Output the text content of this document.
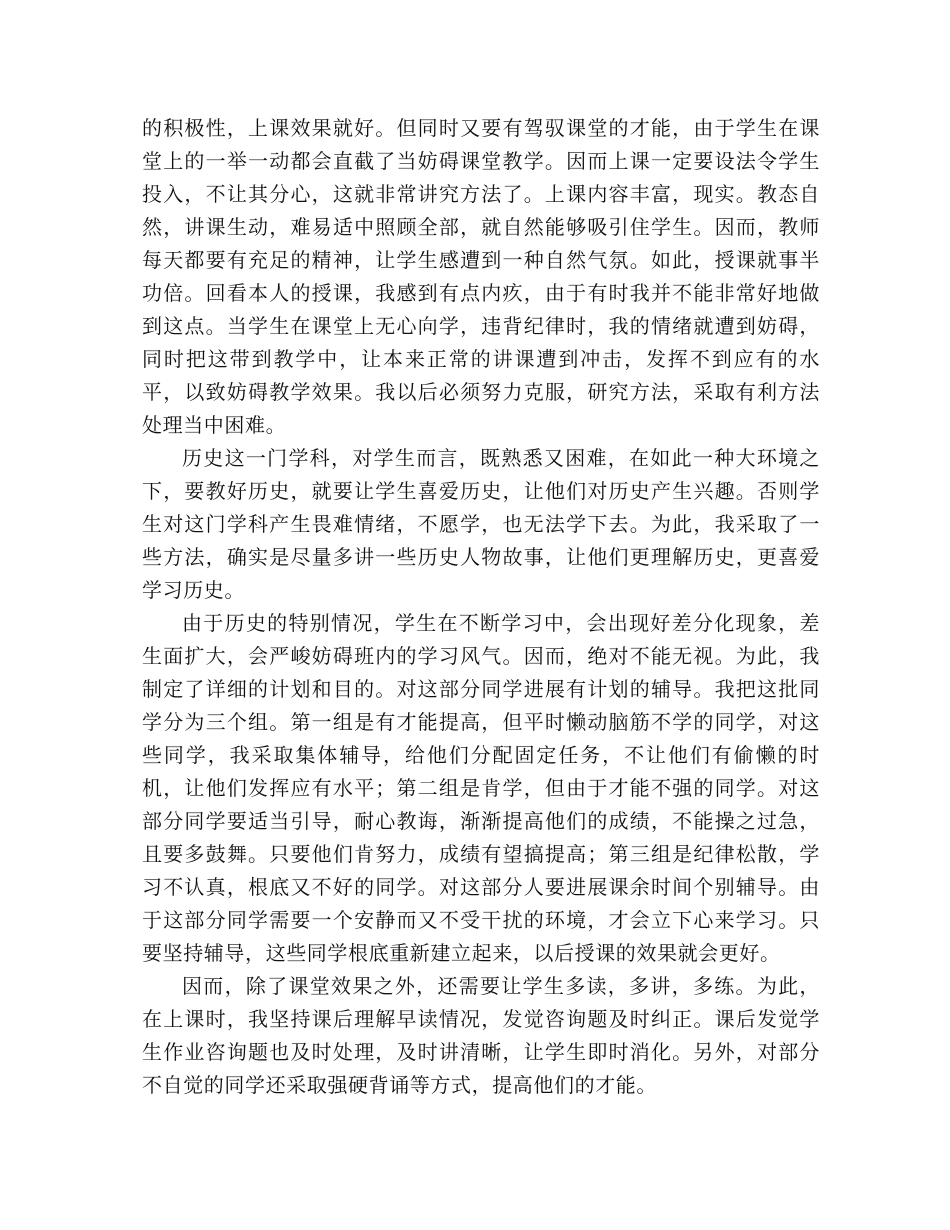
的积极性，上课效果就好。但同时又要有驾驭课堂的才能，由于学生在课堂上的一举一动都会直截了当妨碍课堂教学。因而上课一定要设法令学生投入，不让其分心，这就非常讲究方法了。上课内容丰富，现实。教态自然，讲课生动，难易适中照顾全部，就自然能够吸引住学生。因而，教师每天都要有充足的精神，让学生感遭到一种自然气氛。如此，授课就事半功倍。回看本人的授课，我感到有点内疚，由于有时我并不能非常好地做到这点。当学生在课堂上无心向学，违背纪律时，我的情绪就遭到妨碍，同时把这带到教学中，让本来正常的讲课遭到冲击，发挥不到应有的水平，以致妨碍教学效果。我以后必须努力克服，研究方法，采取有利方法处理当中困难。

历史这一门学科，对学生而言，既熟悉又困难，在如此一种大环境之下，要教好历史，就要让学生喜爱历史，让他们对历史产生兴趣。否则学生对这门学科产生畏难情绪，不愿学，也无法学下去。为此，我采取了一些方法，确实是尽量多讲一些历史人物故事，让他们更理解历史，更喜爱学习历史。

由于历史的特别情况，学生在不断学习中，会出现好差分化现象，差生面扩大，会严峻妨碍班内的学习风气。因而，绝对不能无视。为此，我制定了详细的计划和目的。对这部分同学进展有计划的辅导。我把这批同学分为三个组。第一组是有才能提高，但平时懒动脑筋不学的同学，对这些同学，我采取集体辅导，给他们分配固定任务，不让他们有偷懒的时机，让他们发挥应有水平；第二组是肯学，但由于才能不强的同学。对这部分同学要适当引导，耐心教诲，渐渐提高他们的成绩，不能操之过急，且要多鼓舞。只要他们肯努力，成绩有望搞提高；第三组是纪律松散，学习不认真，根底又不好的同学。对这部分人要进展课余时间个别辅导。由于这部分同学需要一个安静而又不受干扰的环境，才会立下心来学习。只要坚持辅导，这些同学根底重新建立起来，以后授课的效果就会更好。

因而，除了课堂效果之外，还需要让学生多读，多讲，多练。为此，在上课时，我坚持课后理解早读情况，发觉咨询题及时纠正。课后发觉学生作业咨询题也及时处理，及时讲清晰，让学生即时消化。另外，对部分不自觉的同学还采取强硬背诵等方式，提高他们的才能。
